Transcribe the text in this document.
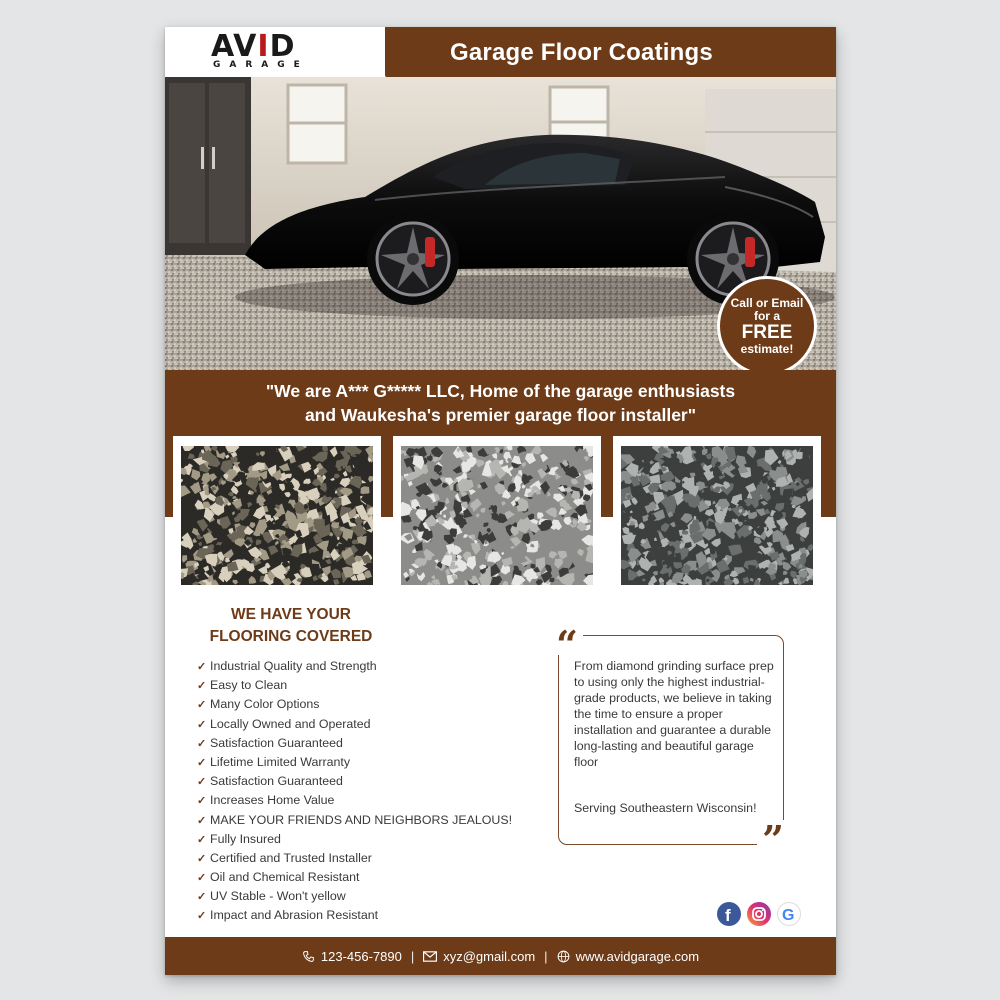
AVID
GARAGE	Garage Floor Coatings
Call or Email
for a
FREE
estimate!
"We are A*** G***** LLC, Home of the garage enthusiasts
and Waukesha's premier garage floor installer"
WE HAVE YOUR
FLOORING COVERED
✓ Industrial Quality and Strength
✓ Easy to Clean
✓ Many Color Options
✓ Locally Owned and Operated
✓ Satisfaction Guaranteed
✓ Lifetime Limited Warranty
✓ Satisfaction Guaranteed
✓ Increases Home Value
✓ MAKE YOUR FRIENDS AND NEIGHBORS JEALOUS!
✓ Fully Insured
✓ Certified and Trusted Installer
✓ Oil and Chemical Resistant
✓ UV Stable - Won't yellow
✓ Impact and Abrasion Resistant
“
”
From diamond grinding surface prep to using only the highest industrial-grade products, we believe in taking the time to ensure a proper installation and guarantee a durable long-lasting and beautiful garage floor
Serving Southeastern Wisconsin!
f	G
123-456-7890 | xyz@gmail.com | www.avidgarage.com
